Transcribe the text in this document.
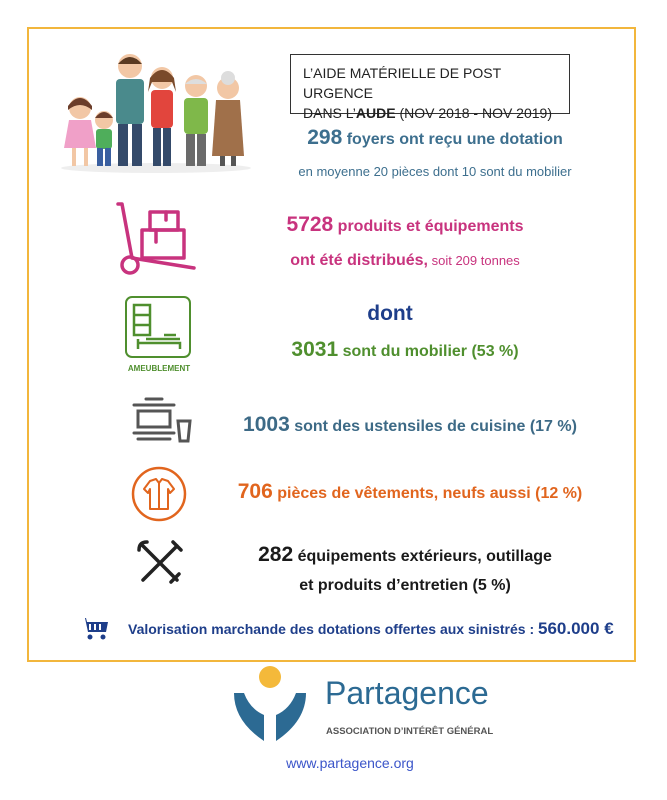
L’AIDE MATÉRIELLE DE POST URGENCE
DANS L’AUDE (NOV 2018 - NOV 2019)
298 foyers ont reçu une dotation
en moyenne 20 pièces dont 10 sont du mobilier
5728 produits et équipements
ont été distribués, soit 209 tonnes
AMEUBLEMENT
dont
3031 sont du mobilier (53 %)
1003 sont des ustensiles de cuisine (17 %)
706 pièces de vêtements, neufs aussi (12 %)
282 équipements extérieurs, outillage
et produits d’entretien (5 %)
Valorisation marchande des dotations offertes aux sinistrés : 560.000 €
Partagence
ASSOCIATION D’INTÉRÊT GÉNÉRAL
www.partagence.org
